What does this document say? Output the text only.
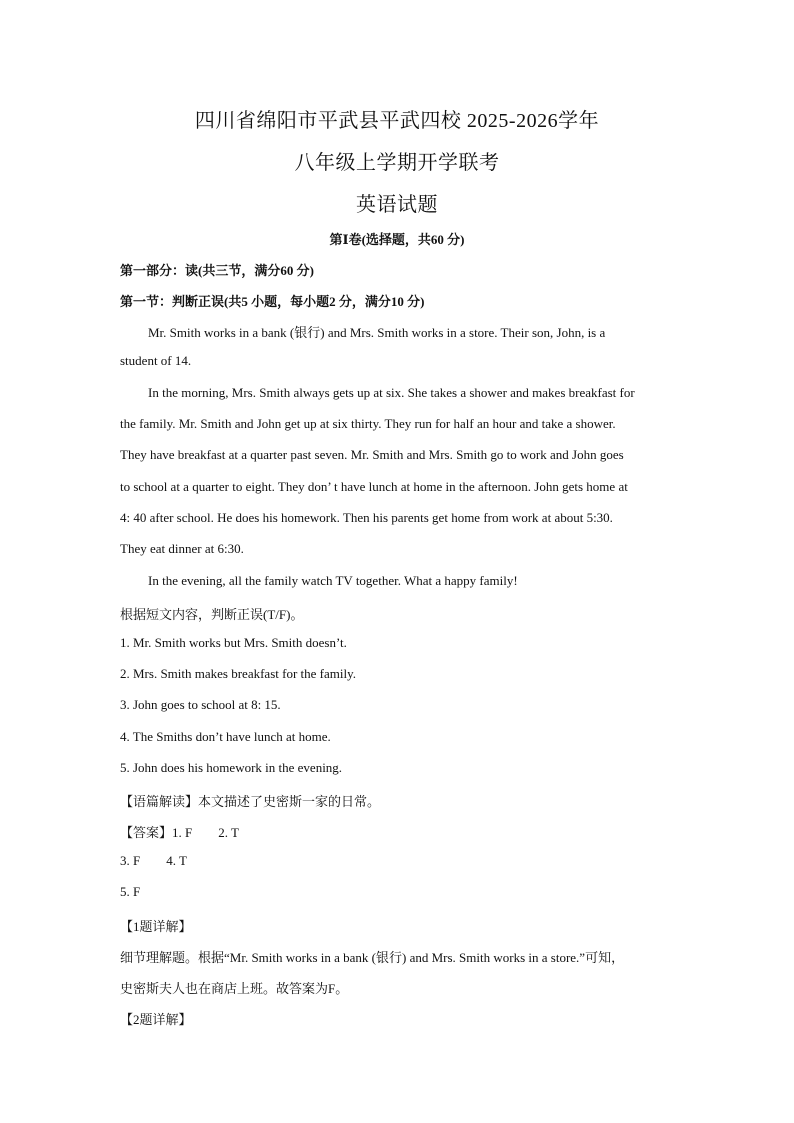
四川省绵阳市平武县平武四校 2025-2026学年
八年级上学期开学联考
英语试题
第Ⅰ卷(选择题，共60 分)
第一部分：读(共三节，满分60 分)
第一节：判断正误(共5 小题，每小题2 分，满分10 分)
Mr. Smith works in a bank (银行) and Mrs. Smith works in a store. Their son, John, is a
student of 14.
In the morning, Mrs. Smith always gets up at six. She takes a shower and makes breakfast for
the family. Mr. Smith and John get up at six thirty. They run for half an hour and take a shower.
They have breakfast at a quarter past seven. Mr. Smith and Mrs. Smith go to work and John goes
to school at a quarter to eight. They don’ t have lunch at home in the afternoon. John gets home at
4: 40 after school. He does his homework. Then his parents get home from work at about 5:30.
They eat dinner at 6:30.
In the evening, all the family watch TV together. What a happy family!
根据短文内容，判断正误(T/F)。
1. Mr. Smith works but Mrs. Smith doesn’t.
2. Mrs. Smith makes breakfast for the family.
3. John goes to school at 8: 15.
4. The Smiths don’t have lunch at home.
5. John does his homework in the evening.
【语篇解读】本文描述了史密斯一家的日常。
【答案】1. F 2. T
3. F 4. T
5. F
【1题详解】
细节理解题。根据“Mr. Smith works in a bank (银行) and Mrs. Smith works in a store.”可知，
史密斯夫人也在商店上班。故答案为F。
【2题详解】
